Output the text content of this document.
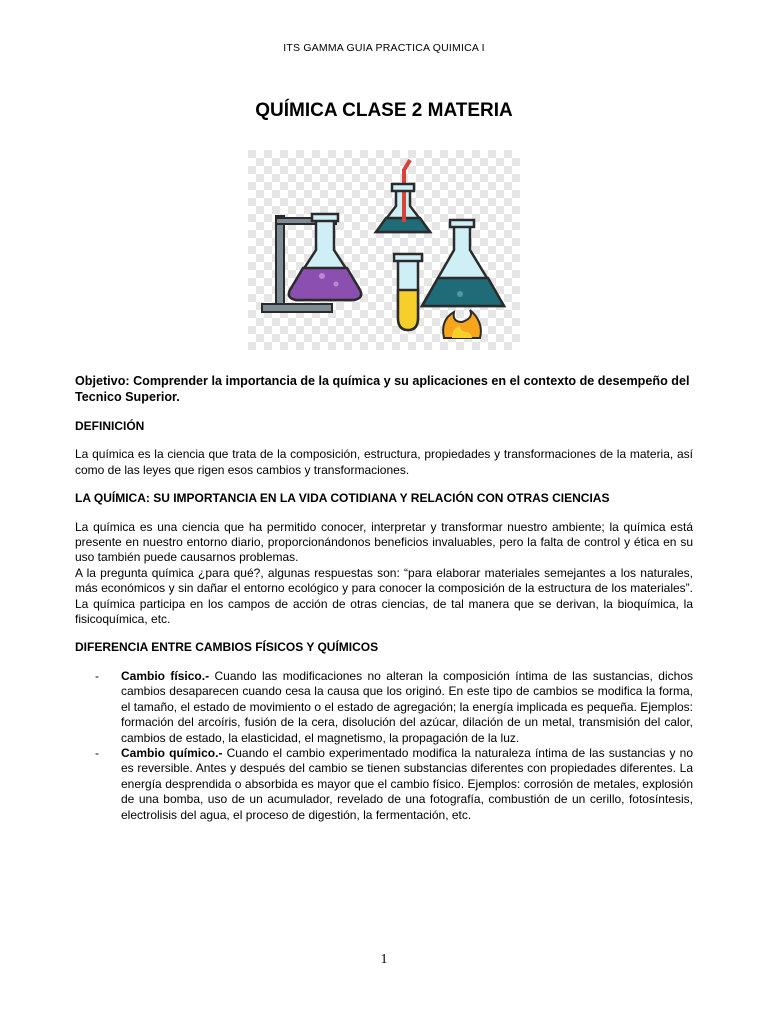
ITS GAMMA GUIA PRACTICA QUIMICA I
QUÍMICA CLASE 2 MATERIA

Objetivo: Comprender la importancia de la química y su aplicaciones en el contexto de desempeño del Tecnico Superior.

DEFINICIÓN

La química es la ciencia que trata de la composición, estructura, propiedades y transformaciones de la materia, así como de las leyes que rigen esos cambios y transformaciones.

LA QUÍMICA: SU IMPORTANCIA EN LA VIDA COTIDIANA Y RELACIÓN CON OTRAS CIENCIAS

La química es una ciencia que ha permitido conocer, interpretar y transformar nuestro ambiente; la química está presente en nuestro entorno diario, proporcionándonos beneficios invaluables, pero la falta de control y ética en su uso también puede causarnos problemas.

A la pregunta química ¿para qué?, algunas respuestas son: “para elaborar materiales semejantes a los naturales, más económicos y sin dañar el entorno ecológico y para conocer la composición de la estructura de los materiales”. La química participa en los campos de acción de otras ciencias, de tal manera que se derivan, la bioquímica, la fisicoquímica, etc.

DIFERENCIA ENTRE CAMBIOS FÍSICOS Y QUÍMICOS

- Cambio físico.- Cuando las modificaciones no alteran la composición íntima de las sustancias, dichos cambios desaparecen cuando cesa la causa que los originó. En este tipo de cambios se modifica la forma, el tamaño, el estado de movimiento o el estado de agregación; la energía implicada es pequeña. Ejemplos: formación del arcoíris, fusión de la cera, disolución del azúcar, dilación de un metal, transmisión del calor, cambios de estado, la elasticidad, el magnetismo, la propagación de la luz.
- Cambio químico.- Cuando el cambio experimentado modifica la naturaleza íntima de las sustancias y no es reversible. Antes y después del cambio se tienen substancias diferentes con propiedades diferentes. La energía desprendida o absorbida es mayor que el cambio físico. Ejemplos: corrosión de metales, explosión de una bomba, uso de un acumulador, revelado de una fotografía, combustión de un cerillo, fotosíntesis, electrolisis del agua, el proceso de digestión, la fermentación, etc.
1
